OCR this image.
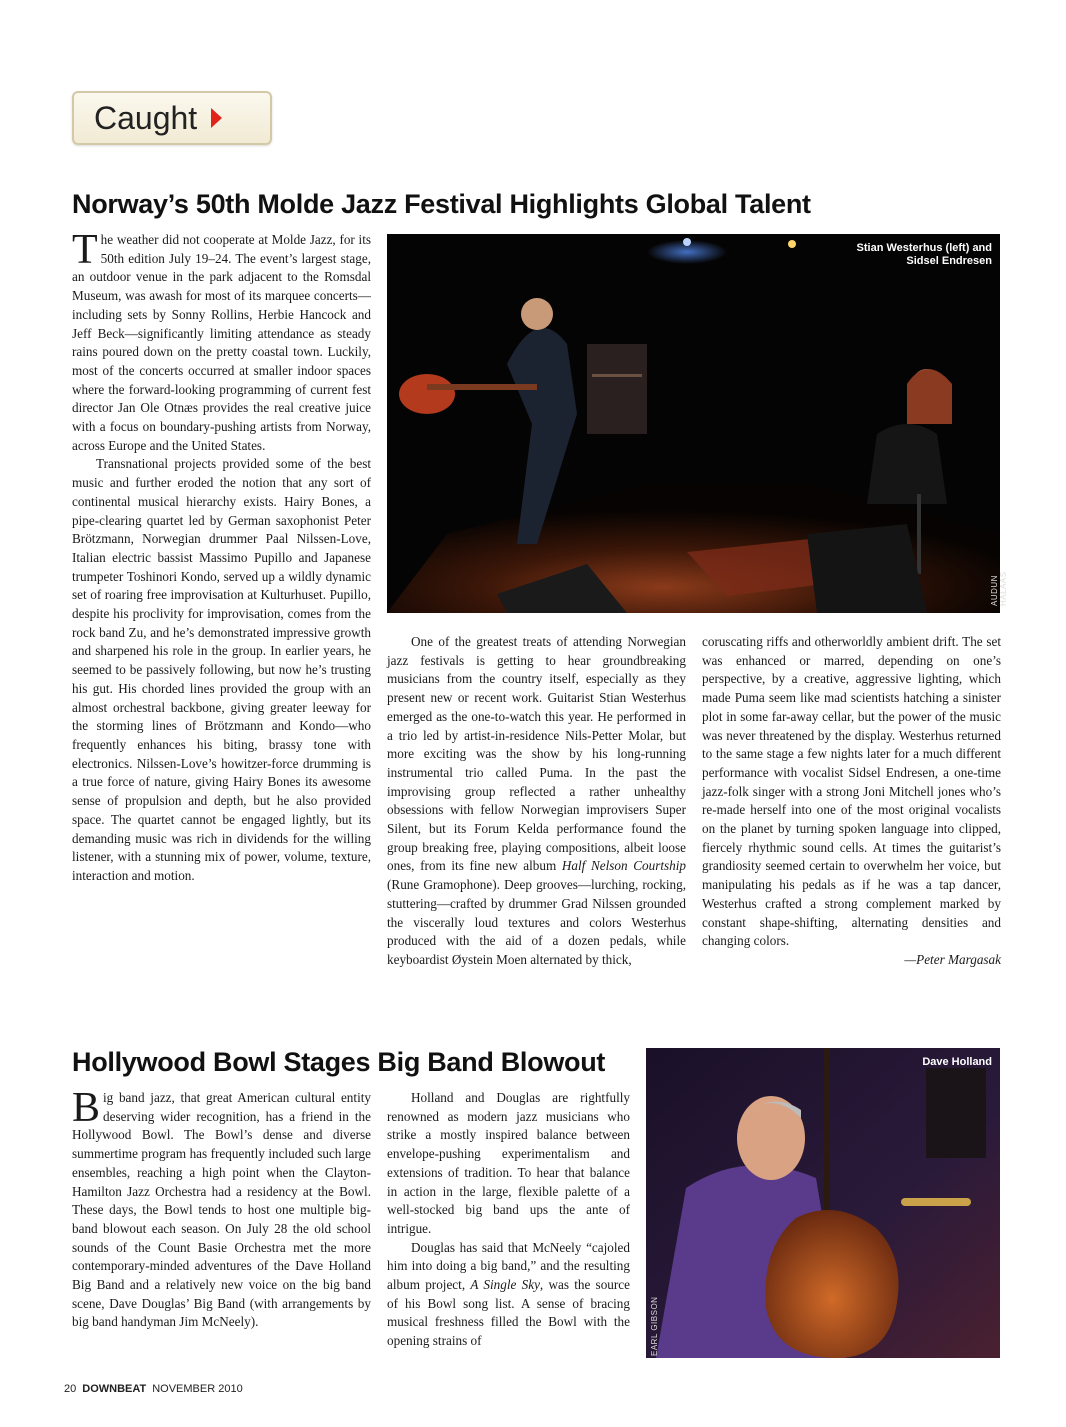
Caught
Norway’s 50th Molde Jazz Festival Highlights Global Talent

The weather did not cooperate at Molde Jazz, for its 50th edition July 19–24. The event’s largest stage, an outdoor venue in the park adjacent to the Romsdal Museum, was awash for most of its marquee concerts—including sets by Sonny Rollins, Herbie Hancock and Jeff Beck—significantly limiting attendance as steady rains poured down on the pretty coastal town. Luckily, most of the concerts occurred at smaller indoor spaces where the forward-looking programming of current fest director Jan Ole Otnæs provides the real creative juice with a focus on boundary-pushing artists from Norway, across Europe and the United States.

Transnational projects provided some of the best music and further eroded the notion that any sort of continental musical hierarchy exists. Hairy Bones, a pipe-clearing quartet led by German saxophonist Peter Brötzmann, Norwegian drummer Paal Nilssen-Love, Italian electric bassist Massimo Pupillo and Japanese trumpeter Toshinori Kondo, served up a wildly dynamic set of roaring free improvisation at Kulturhuset. Pupillo, despite his proclivity for improvisation, comes from the rock band Zu, and he’s demonstrated impressive growth and sharpened his role in the group. In earlier years, he seemed to be passively following, but now he’s trusting his gut. His chorded lines provided the group with an almost orchestral backbone, giving greater leeway for the storming lines of Brötzmann and Kondo—who frequently enhances his biting, brassy tone with electronics. Nilssen-Love’s howitzer-force drumming is a true force of nature, giving Hairy Bones its awesome sense of propulsion and depth, but he also provided space. The quartet cannot be engaged lightly, but its demanding music was rich in dividends for the willing listener, with a stunning mix of power, volume, texture, interaction and motion.

Stian Westerhus (left) and
Sidsel Endresen
AUDUN HALAAS

One of the greatest treats of attending Norwegian jazz festivals is getting to hear groundbreaking musicians from the country itself, especially as they present new or recent work. Guitarist Stian Westerhus emerged as the one-to-watch this year. He performed in a trio led by artist-in-residence Nils-Petter Molar, but more exciting was the show by his long-running instrumental trio called Puma. In the past the improvising group reflected a rather unhealthy obsessions with fellow Norwegian improvisers Super Silent, but its Forum Kelda performance found the group breaking free, playing compositions, albeit loose ones, from its fine new album Half Nelson Courtship (Rune Gramophone). Deep grooves—lurching, rocking, stuttering—crafted by drummer Grad Nilssen grounded the viscerally loud textures and colors Westerhus produced with the aid of a dozen pedals, while keyboardist Øystein Moen alternated by thick,

coruscating riffs and otherworldly ambient drift. The set was enhanced or marred, depending on one’s perspective, by a creative, aggressive lighting, which made Puma seem like mad scientists hatching a sinister plot in some far-away cellar, but the power of the music was never threatened by the display. Westerhus returned to the same stage a few nights later for a much different performance with vocalist Sidsel Endresen, a one-time jazz-folk singer with a strong Joni Mitchell jones who’s re-made herself into one of the most original vocalists on the planet by turning spoken language into clipped, fiercely rhythmic sound cells. At times the guitarist’s grandiosity seemed certain to overwhelm her voice, but manipulating his pedals as if he was a tap dancer, Westerhus crafted a strong complement marked by constant shape-shifting, alternating densities and changing colors.

—Peter Margasak

Hollywood Bowl Stages Big Band Blowout

Big band jazz, that great American cultural entity deserving wider recognition, has a friend in the Hollywood Bowl. The Bowl’s dense and diverse summertime program has frequently included such large ensembles, reaching a high point when the Clayton-Hamilton Jazz Orchestra had a residency at the Bowl. These days, the Bowl tends to host one multiple big-band blowout each season. On July 28 the old school sounds of the Count Basie Orchestra met the more contemporary-minded adventures of the Dave Holland Big Band and a relatively new voice on the big band scene, Dave Douglas’ Big Band (with arrangements by big band handyman Jim McNeely).

Holland and Douglas are rightfully renowned as modern jazz musicians who strike a mostly inspired balance between envelope-pushing experimentalism and extensions of tradition. To hear that balance in action in the large, flexible palette of a well-stocked big band ups the ante of intrigue.

Douglas has said that McNeely “cajoled him into doing a big band,” and the resulting album project, A Single Sky, was the source of his Bowl song list. A sense of bracing musical freshness filled the Bowl with the opening strains of

Dave Holland
EARL GIBSON
20 DOWNBEAT NOVEMBER 2010
